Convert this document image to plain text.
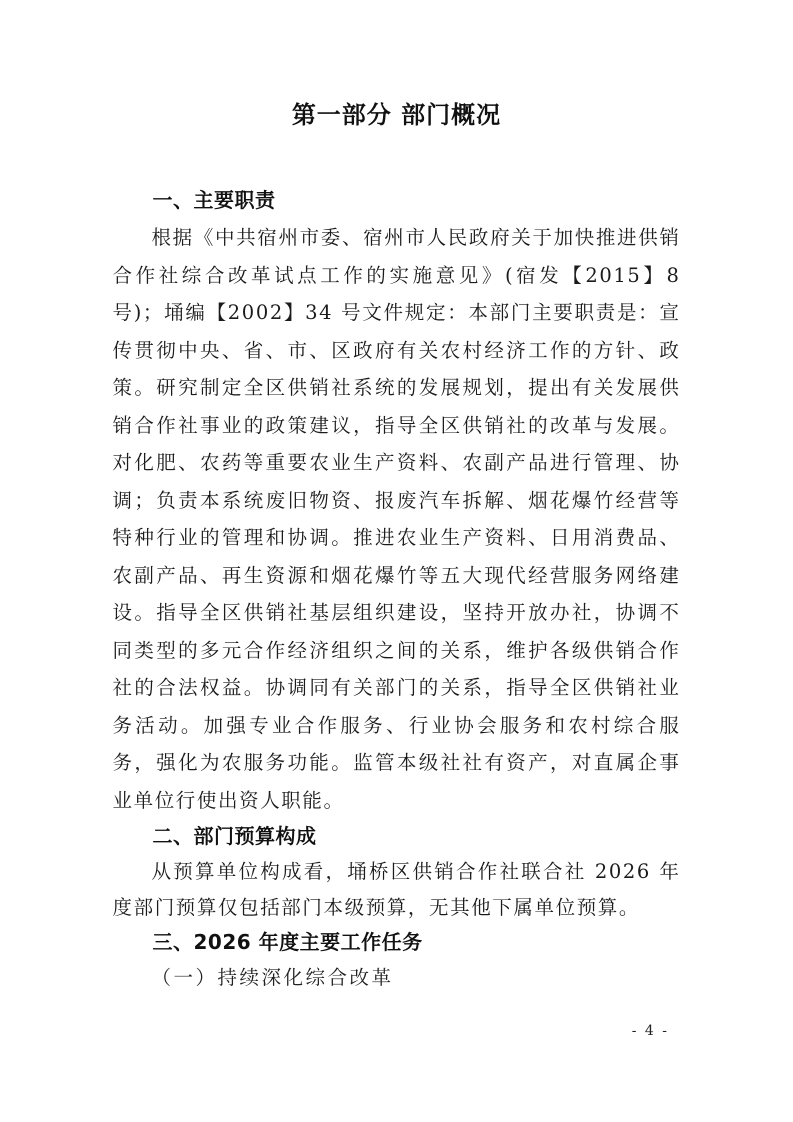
第一部分 部门概况
一、主要职责
根据《中共宿州市委、宿州市人民政府关于加快推进供销合作社综合改革试点工作的实施意见》(宿发【2015】8 号)；埇编【2002】34 号文件规定：本部门主要职责是：宣传贯彻中央、省、市、区政府有关农村经济工作的方针、政策。研究制定全区供销社系统的发展规划，提出有关发展供销合作社事业的政策建议，指导全区供销社的改革与发展。对化肥、农药等重要农业生产资料、农副产品进行管理、协调；负责本系统废旧物资、报废汽车拆解、烟花爆竹经营等特种行业的管理和协调。推进农业生产资料、日用消费品、农副产品、再生资源和烟花爆竹等五大现代经营服务网络建设。指导全区供销社基层组织建设，坚持开放办社，协调不同类型的多元合作经济组织之间的关系，维护各级供销合作社的合法权益。协调同有关部门的关系，指导全区供销社业务活动。加强专业合作服务、行业协会服务和农村综合服务，强化为农服务功能。监管本级社社有资产，对直属企事业单位行使出资人职能。
二、部门预算构成
从预算单位构成看，埇桥区供销合作社联合社 2026 年度部门预算仅包括部门本级预算，无其他下属单位预算。
三、2026 年度主要工作任务
（一）持续深化综合改革
- 4 -
